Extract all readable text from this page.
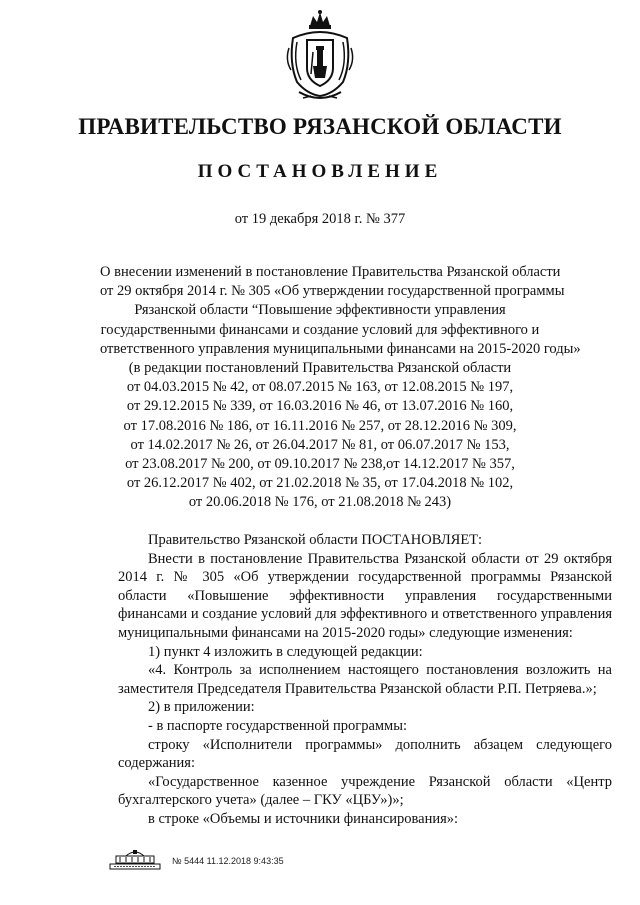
ПРАВИТЕЛЬСТВО РЯЗАНСКОЙ ОБЛАСТИ
ПОСТАНОВЛЕНИЕ
от 19 декабря 2018 г. № 377
О внесении изменений в постановление Правительства Рязанской области
от 29 октября 2014 г. № 305 «Об утверждении государственной программы
Рязанской области “Повышение эффективности управления
государственными финансами и создание условий для эффективного и
ответственного управления муниципальными финансами на 2015-2020 годы»
(в редакции постановлений Правительства Рязанской области
от 04.03.2015 № 42, от 08.07.2015 № 163, от 12.08.2015 № 197,
от 29.12.2015 № 339, от 16.03.2016 № 46, от 13.07.2016 № 160,
от 17.08.2016 № 186, от 16.11.2016 № 257, от 28.12.2016 № 309,
от 14.02.2017 № 26, от 26.04.2017 № 81, от 06.07.2017 № 153,
от 23.08.2017 № 200, от 09.10.2017 № 238,от 14.12.2017 № 357,
от 26.12.2017 № 402, от 21.02.2018 № 35, от 17.04.2018 № 102,
от 20.06.2018 № 176, от 21.08.2018 № 243)

Правительство Рязанской области ПОСТАНОВЛЯЕТ:

Внести в постановление Правительства Рязанской области от 29 октября 2014 г. № 305 «Об утверждении государственной программы Рязанской области «Повышение эффективности управления государственными финансами и создание условий для эффективного и ответственного управления муниципальными финансами на 2015-2020 годы» следующие изменения:

1) пункт 4 изложить в следующей редакции:

«4. Контроль за исполнением настоящего постановления возложить на заместителя Председателя Правительства Рязанской области Р.П. Петряева.»;

2) в приложении:

- в паспорте государственной программы:

строку «Исполнители программы» дополнить абзацем следующего содержания:

«Государственное казенное учреждение Рязанской области «Центр бухгалтерского учета» (далее – ГКУ «ЦБУ»)»;

в строке «Объемы и источники финансирования»:

№ 5444 11.12.2018 9:43:35
